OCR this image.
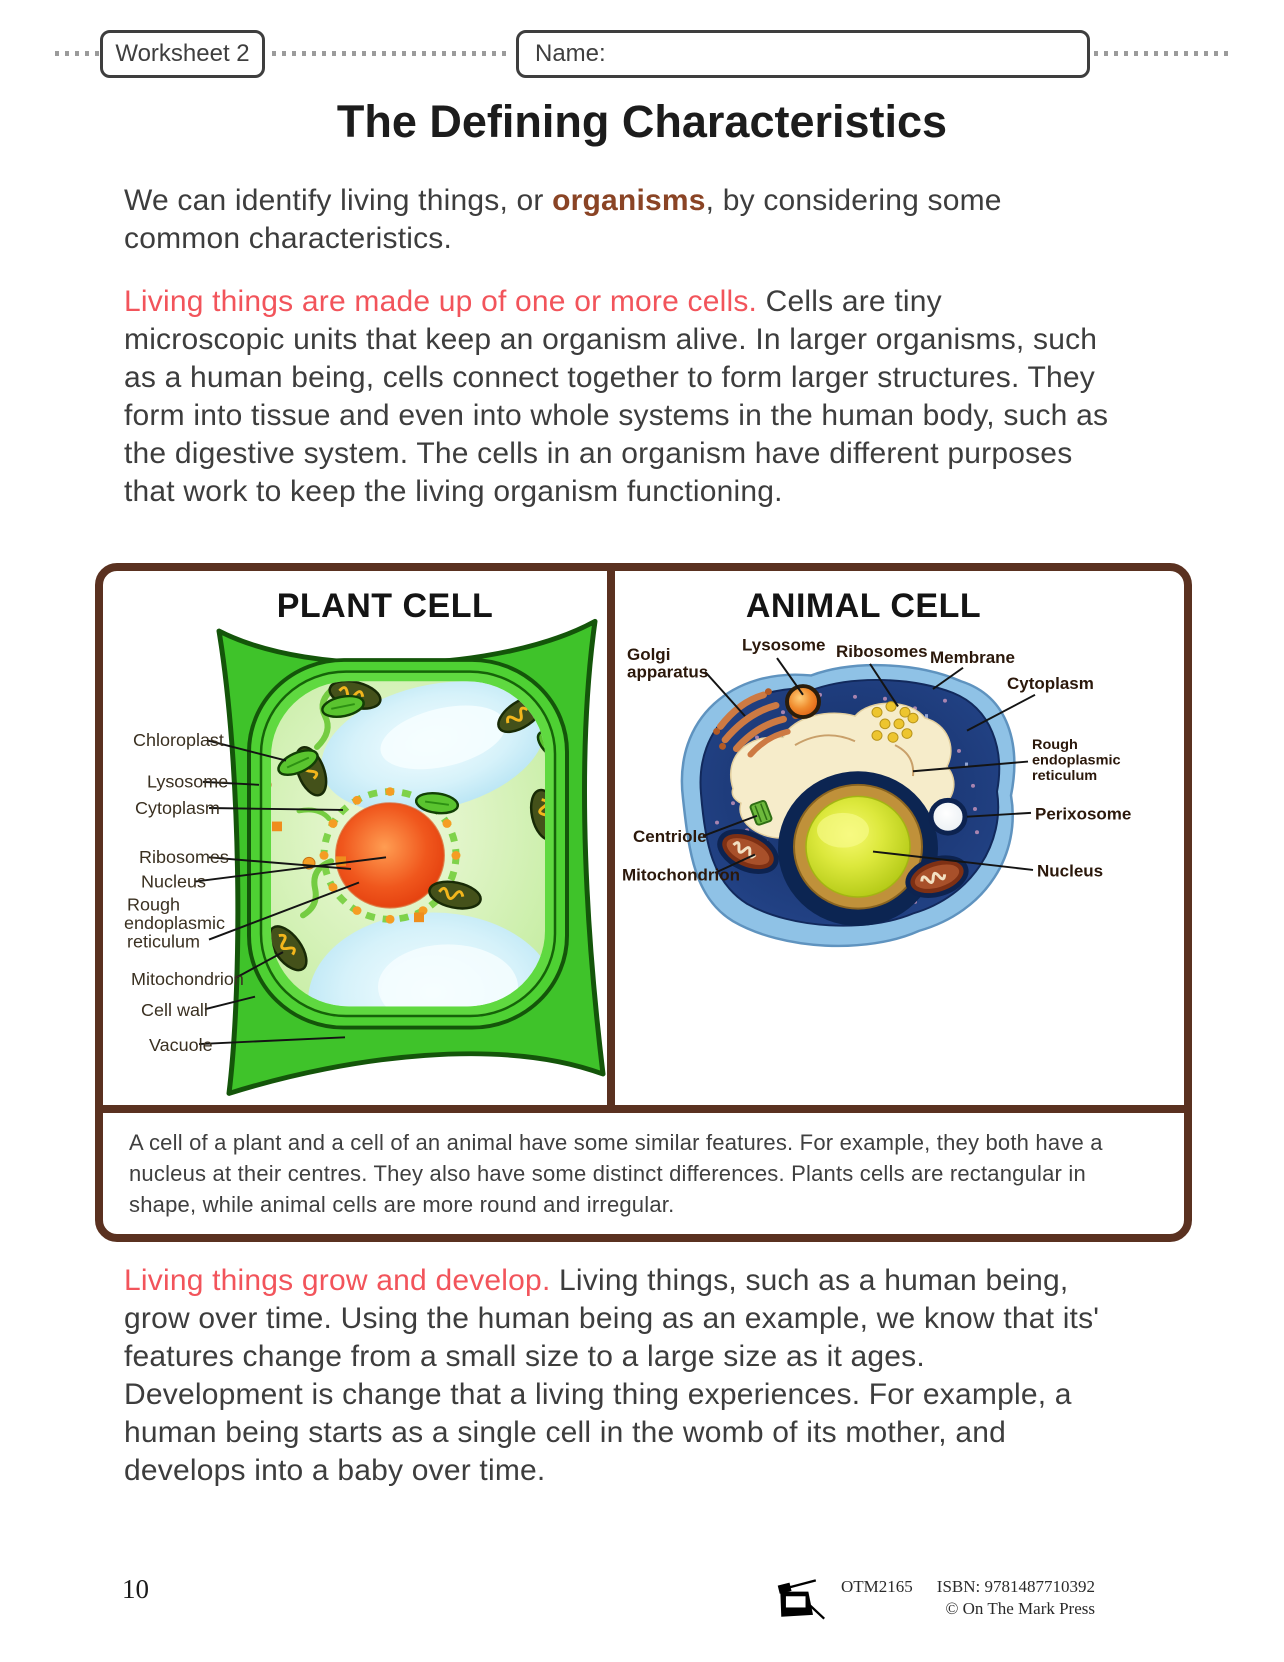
Worksheet 2	Name:
The Defining Characteristics

We can identify living things, or organisms, by considering some common characteristics.

Living things are made up of one or more cells. Cells are tiny microscopic units that keep an organism alive. In larger organisms, such as a human being, cells connect together to form larger structures. They form into tissue and even into whole systems in the human body, such as the digestive system. The cells in an organism have different purposes that work to keep the living organism functioning.

PLANT CELL
Chloroplast
Lysosome
Cytoplasm
Ribosomes
Nucleus
Rough
endoplasmic
reticulum
Mitochondrion
Cell wall
Vacuole
ANIMAL CELL
Golgi
apparatus
Lysosome Ribosomes Membrane
Cytoplasm
Rough
endoplasmic
reticulum
Perixosome
Nucleus
Centriole
Mitochondrion
A cell of a plant and a cell of an animal have some similar features. For example, they both have a nucleus at their centres. They also have some distinct differences. Plants cells are rectangular in shape, while animal cells are more round and irregular.

Living things grow and develop. Living things, such as a human being, grow over time. Using the human being as an example, we know that its' features change from a small size to a large size as it ages. Development is change that a living thing experiences. For example, a human being starts as a single cell in the womb of its mother, and develops into a baby over time.

10	OTM2165 ISBN: 9781487710392
© On The Mark Press
